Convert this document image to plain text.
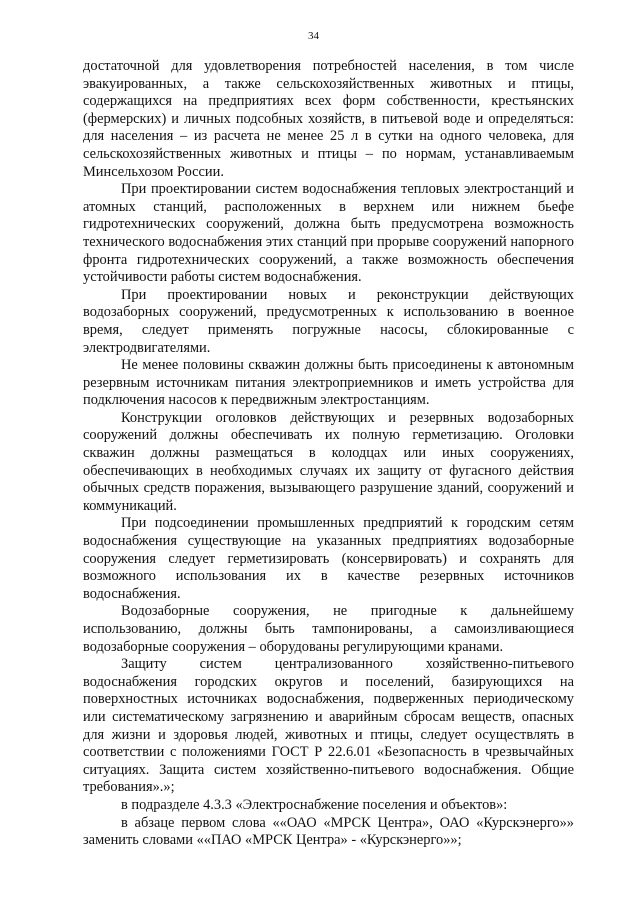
34

достаточной для удовлетворения потребностей населения, в том числе эвакуированных, а также сельскохозяйственных животных и птицы, содержащихся на предприятиях всех форм собственности, крестьянских (фермерских) и личных подсобных хозяйств, в питьевой воде и определяться: для населения – из расчета не менее 25 л в сутки на одного человека, для сельскохозяйственных животных и птицы – по нормам, устанавливаемым Минсельхозом России.

При проектировании систем водоснабжения тепловых электростанций и атомных станций, расположенных в верхнем или нижнем бьефе гидротехнических сооружений, должна быть предусмотрена возможность технического водоснабжения этих станций при прорыве сооружений напорного фронта гидротехнических сооружений, а также возможность обеспечения устойчивости работы систем водоснабжения.

При проектировании новых и реконструкции действующих водозаборных сооружений, предусмотренных к использованию в военное время, следует применять погружные насосы, сблокированные с электродвигателями.

Не менее половины скважин должны быть присоединены к автономным резервным источникам питания электроприемников и иметь устройства для подключения насосов к передвижным электростанциям.

Конструкции оголовков действующих и резервных водозаборных сооружений должны обеспечивать их полную герметизацию. Оголовки скважин должны размещаться в колодцах или иных сооружениях, обеспечивающих в необходимых случаях их защиту от фугасного действия обычных средств поражения, вызывающего разрушение зданий, сооружений и коммуникаций.

При подсоединении промышленных предприятий к городским сетям водоснабжения существующие на указанных предприятиях водозаборные сооружения следует герметизировать (консервировать) и сохранять для возможного использования их в качестве резервных источников водоснабжения.

Водозаборные сооружения, не пригодные к дальнейшему использованию, должны быть тампонированы, а самоизливающиеся водозаборные сооружения – оборудованы регулирующими кранами.

Защиту систем централизованного хозяйственно-питьевого водоснабжения городских округов и поселений, базирующихся на поверхностных источниках водоснабжения, подверженных периодическому или систематическому загрязнению и аварийным сбросам веществ, опасных для жизни и здоровья людей, животных и птицы, следует осуществлять в соответствии с положениями ГОСТ Р 22.6.01 «Безопасность в чрезвычайных ситуациях. Защита систем хозяйственно-питьевого водоснабжения. Общие требования».»;

в подразделе 4.3.3 «Электроснабжение поселения и объектов»:

в абзаце первом слова ««ОАО «МРСК Центра», ОАО «Курскэнерго»» заменить словами ««ПАО «МРСК Центра» - «Курскэнерго»»;
